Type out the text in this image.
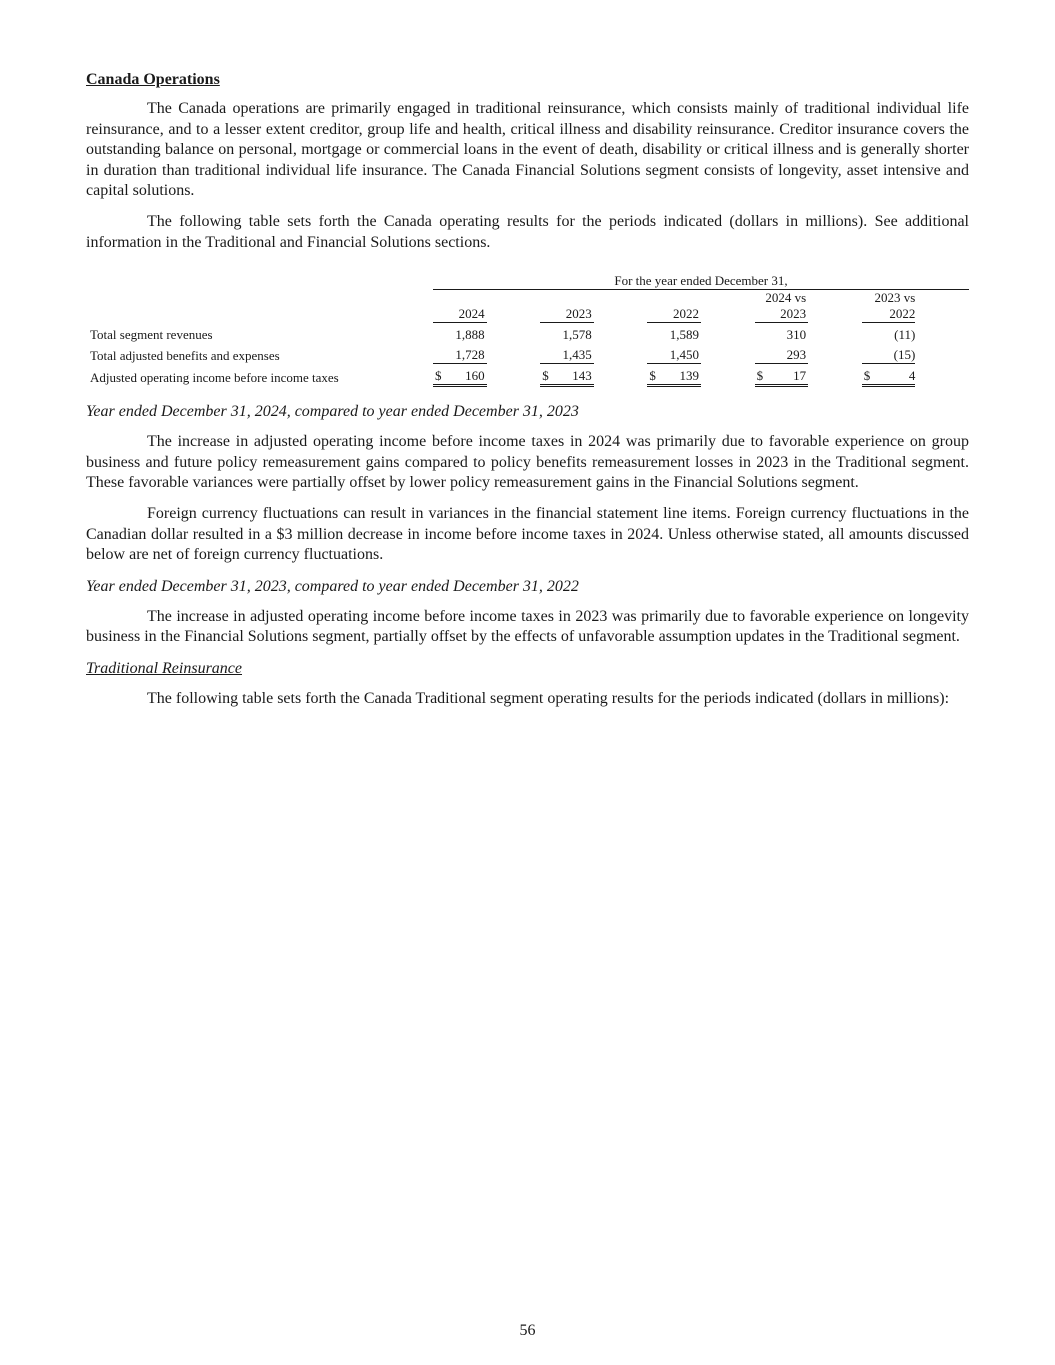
Canada Operations

The Canada operations are primarily engaged in traditional reinsurance, which consists mainly of traditional individual life reinsurance, and to a lesser extent creditor, group life and health, critical illness and disability reinsurance. Creditor insurance covers the outstanding balance on personal, mortgage or commercial loans in the event of death, disability or critical illness and is generally shorter in duration than traditional individual life insurance. The Canada Financial Solutions segment consists of longevity, asset intensive and capital solutions.

The following table sets forth the Canada operating results for the periods indicated (dollars in millions). See additional information in the Traditional and Financial Solutions sections.

	For the year ended December 31,									
	2024		2023		2022		2024 vs 2023		2023 vs 2022	
Total segment revenues	1,888		1,578		1,589		310		(11)	
Total adjusted benefits and expenses	1,728		1,435		1,450		293		(15)	
Adjusted operating income before income taxes	$ 160		$ 143		$ 139		$ 17		$ 4	
Year ended December 31, 2024, compared to year ended December 31, 2023

The increase in adjusted operating income before income taxes in 2024 was primarily due to favorable experience on group business and future policy remeasurement gains compared to policy benefits remeasurement losses in 2023 in the Traditional segment. These favorable variances were partially offset by lower policy remeasurement gains in the Financial Solutions segment.

Foreign currency fluctuations can result in variances in the financial statement line items. Foreign currency fluctuations in the Canadian dollar resulted in a $3 million decrease in income before income taxes in 2024. Unless otherwise stated, all amounts discussed below are net of foreign currency fluctuations.

Year ended December 31, 2023, compared to year ended December 31, 2022

The increase in adjusted operating income before income taxes in 2023 was primarily due to favorable experience on longevity business in the Financial Solutions segment, partially offset by the effects of unfavorable assumption updates in the Traditional segment.

Traditional Reinsurance

The following table sets forth the Canada Traditional segment operating results for the periods indicated (dollars in millions):

56
